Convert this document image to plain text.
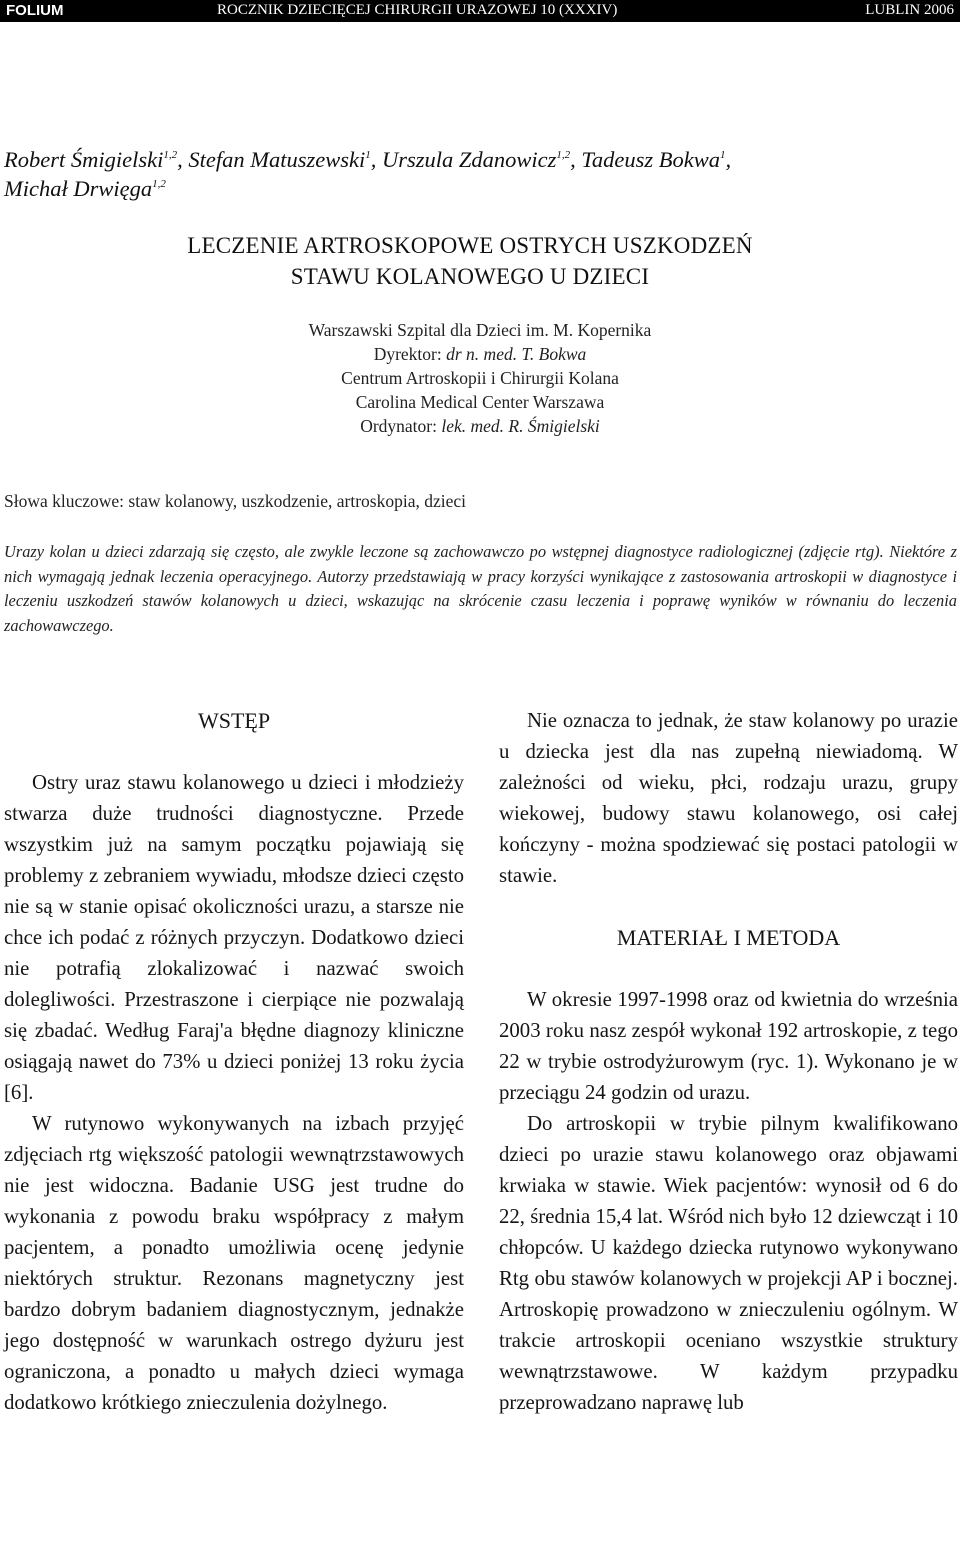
FOLIUM	ROCZNIK DZIECIĘCEJ CHIRURGII URAZOWEJ 10 (XXXIV)	LUBLIN 2006
Robert Śmigielski$^{1,2}$, Stefan Matuszewski$^1$, Urszula Zdanowicz$^{1,2}$, Tadeusz Bokwa$^1$,
Michał Drwięga$^{1,2}$
LECZENIE ARTROSKOPOWE OSTRYCH USZKODZEŃ
STAWU KOLANOWEGO U DZIECI
Warszawski Szpital dla Dzieci im. M. Kopernika
Dyrektor: dr n. med. T. Bokwa
Centrum Artroskopii i Chirurgii Kolana
Carolina Medical Center Warszawa
Ordynator: lek. med. R. Śmigielski
Słowa kluczowe: staw kolanowy, uszkodzenie, artroskopia, dzieci
Urazy kolan u dzieci zdarzają się często, ale zwykle leczone są zachowawczo po wstępnej diagnostyce radiologicznej (zdjęcie rtg). Niektóre z nich wymagają jednak leczenia operacyjnego. Autorzy przedstawiają w pracy korzyści wynikające z zastosowania artroskopii w diagnostyce i leczeniu uszkodzeń stawów kolanowych u dzieci, wskazując na skrócenie czasu leczenia i poprawę wyników w równaniu do leczenia zachowawczego.
WSTĘP

Ostry uraz stawu kolanowego u dzieci i młodzieży stwarza duże trudności diagnostyczne. Przede wszystkim już na samym początku pojawiają się problemy z zebraniem wywiadu, młodsze dzieci często nie są w stanie opisać okoliczności urazu, a starsze nie chce ich podać z różnych przyczyn. Dodatkowo dzieci nie potrafią zlokalizować i nazwać swoich dolegliwości. Przestraszone i cierpiące nie pozwalają się zbadać. Według Faraj'a błędne diagnozy kliniczne osiągają nawet do 73% u dzieci poniżej 13 roku życia [6].

W rutynowo wykonywanych na izbach przyjęć zdjęciach rtg większość patologii wewnątrzstawowych nie jest widoczna. Badanie USG jest trudne do wykonania z powodu braku współpracy z małym pacjentem, a ponadto umożliwia ocenę jedynie niektórych struktur. Rezonans magnetyczny jest bardzo dobrym badaniem diagnostycznym, jednakże jego dostępność w warunkach ostrego dyżuru jest ograniczona, a ponadto u małych dzieci wymaga dodatkowo krótkiego znieczulenia dożylnego.

Nie oznacza to jednak, że staw kolanowy po urazie u dziecka jest dla nas zupełną niewiadomą. W zależności od wieku, płci, rodzaju urazu, grupy wiekowej, budowy stawu kolanowego, osi całej kończyny - można spodziewać się postaci patologii w stawie.

MATERIAŁ I METODA

W okresie 1997-1998 oraz od kwietnia do września 2003 roku nasz zespół wykonał 192 artroskopie, z tego 22 w trybie ostrodyżurowym (ryc. 1). Wykonano je w przeciągu 24 godzin od urazu.

Do artroskopii w trybie pilnym kwalifikowano dzieci po urazie stawu kolanowego oraz objawami krwiaka w stawie. Wiek pacjentów: wynosił od 6 do 22, średnia 15,4 lat. Wśród nich było 12 dziewcząt i 10 chłopców. U każdego dziecka rutynowo wykonywano Rtg obu stawów kolanowych w projekcji AP i bocznej. Artroskopię prowadzono w znieczuleniu ogólnym. W trakcie artroskopii oceniano wszystkie struktury wewnątrzstawowe. W każdym przypadku przeprowadzano naprawę lub
